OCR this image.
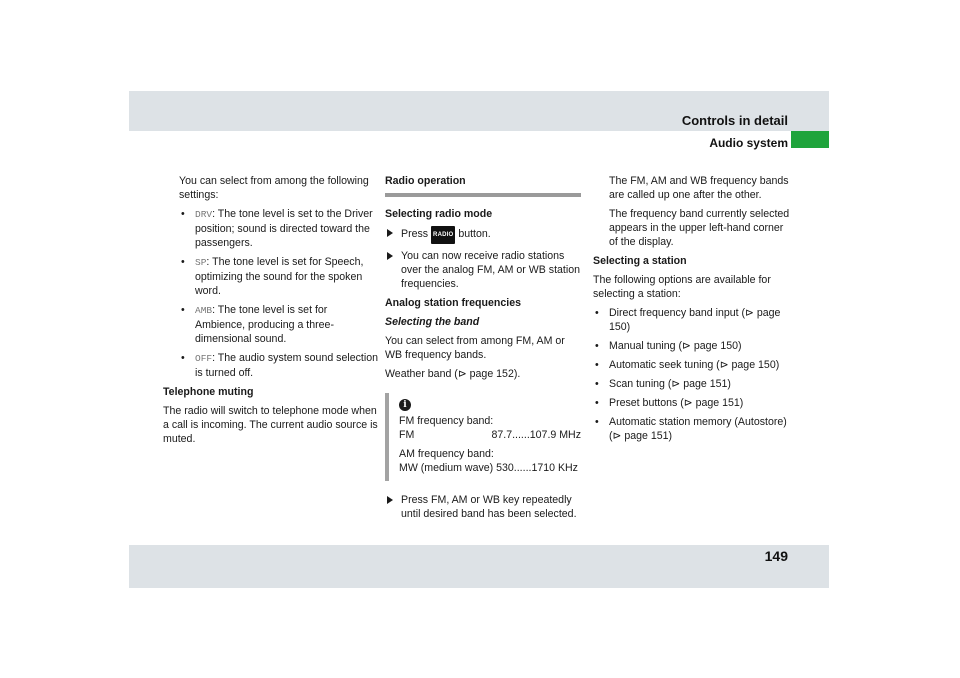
Controls in detail
Audio system

You can select from among the following settings:

• DRV: The tone level is set to the Driver position; sound is directed toward the passengers.
• SP: The tone level is set for Speech, optimizing the sound for the spoken word.
• AMB: The tone level is set for Ambience, producing a three-dimensional sound.
• OFF: The audio system sound selection is turned off.

Telephone muting

The radio will switch to telephone mode when a call is incoming. The current audio source is muted.

Radio operation

Selecting radio mode

Press RADIO button.
You can now receive radio stations over the analog FM, AM or WB station frequencies.

Analog station frequencies

Selecting the band

You can select from among FM, AM or WB frequency bands.

Weather band (⊳ page 152).

i
FM frequency band:
FM	87.7......107.9 MHz
AM frequency band:
MW (medium wave) 530......1710 KHz
Press FM, AM or WB key repeatedly until desired band has been selected.

The FM, AM and WB frequency bands are called up one after the other.

The frequency band currently selected appears in the upper left-hand corner of the display.

Selecting a station

The following options are available for selecting a station:

• Direct frequency band input (⊳ page 150)
• Manual tuning (⊳ page 150)
• Automatic seek tuning (⊳ page 150)
• Scan tuning (⊳ page 151)
• Preset buttons (⊳ page 151)
• Automatic station memory (Autostore) (⊳ page 151)
149
